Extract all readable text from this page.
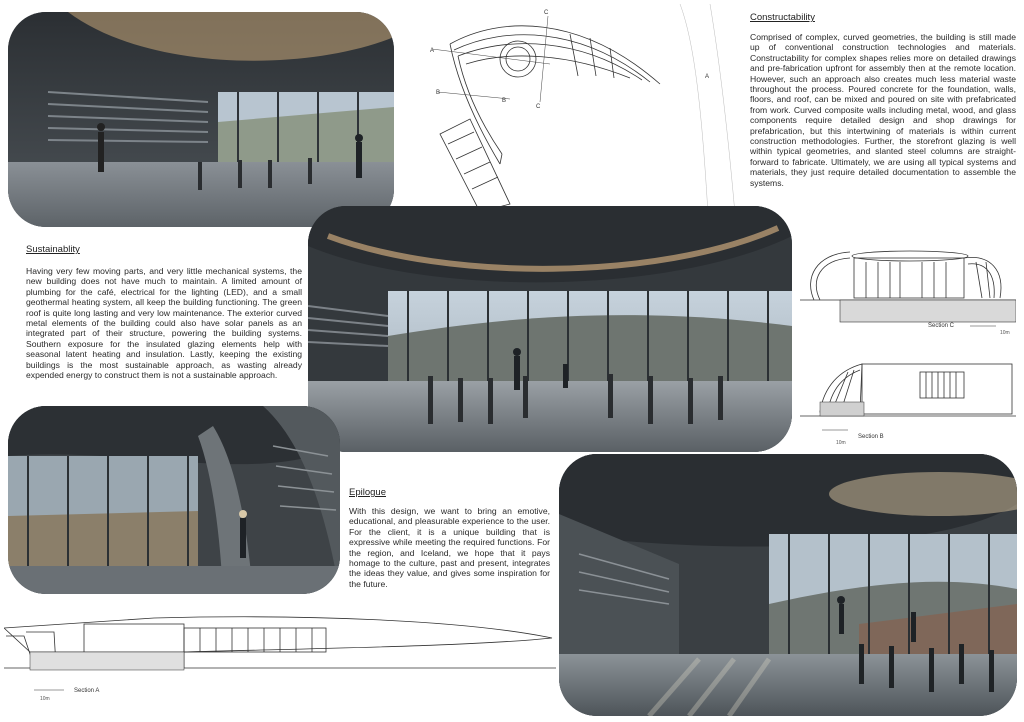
A
A
B
B
C
C
Constructability
Comprised of complex, curved geometries, the building is still made up of conventional construction technologies and materials. Constructability for complex shapes relies more on detailed drawings and pre-fabrication upfront for assembly then at the remote location. However, such an approach also creates much less material waste throughout the process. Poured concrete for the foundation, walls, floors, and roof, can be mixed and poured on site with prefabricated from work. Curved composite walls including metal, wood, and glass components require detailed design and shop drawings for prefabrication, but this intertwining of materials is within current construction methodologies. Further, the storefront glazing is well within typical geometries, and slanted steel columns are straight-forward to fabricate. Ultimately, we are using all typical systems and materials, they just require detailed documentation to assemble the systems.
Sustainablity
Having very few moving parts, and very little mechanical systems, the new building does not have much to maintain. A limited amount of plumbing for the café, electrical for the lighting (LED), and a small geothermal heating system, all keep the building functioning. The green roof is quite long lasting and very low maintenance. The exterior curved metal elements of the building could also have solar panels as an integrated part of their structure, powering the building systems. Southern exposure for the insulated glazing elements help with seasonal latent heating and insulation. Lastly, keeping the existing buildings is the most sustainable approach, as wasting already expended energy to construct them is not a sustainable approach.
Section C
10m
Section B
10m
Epilogue
With this design, we want to bring an emotive, educational, and pleasurable experience to the user. For the client, it is a unique building that is expressive while meeting the required functions. For the region, and Iceland, we hope that it pays homage to the culture, past and present, integrates the ideas they value, and gives some inspiration for the future.
Section A
10m
